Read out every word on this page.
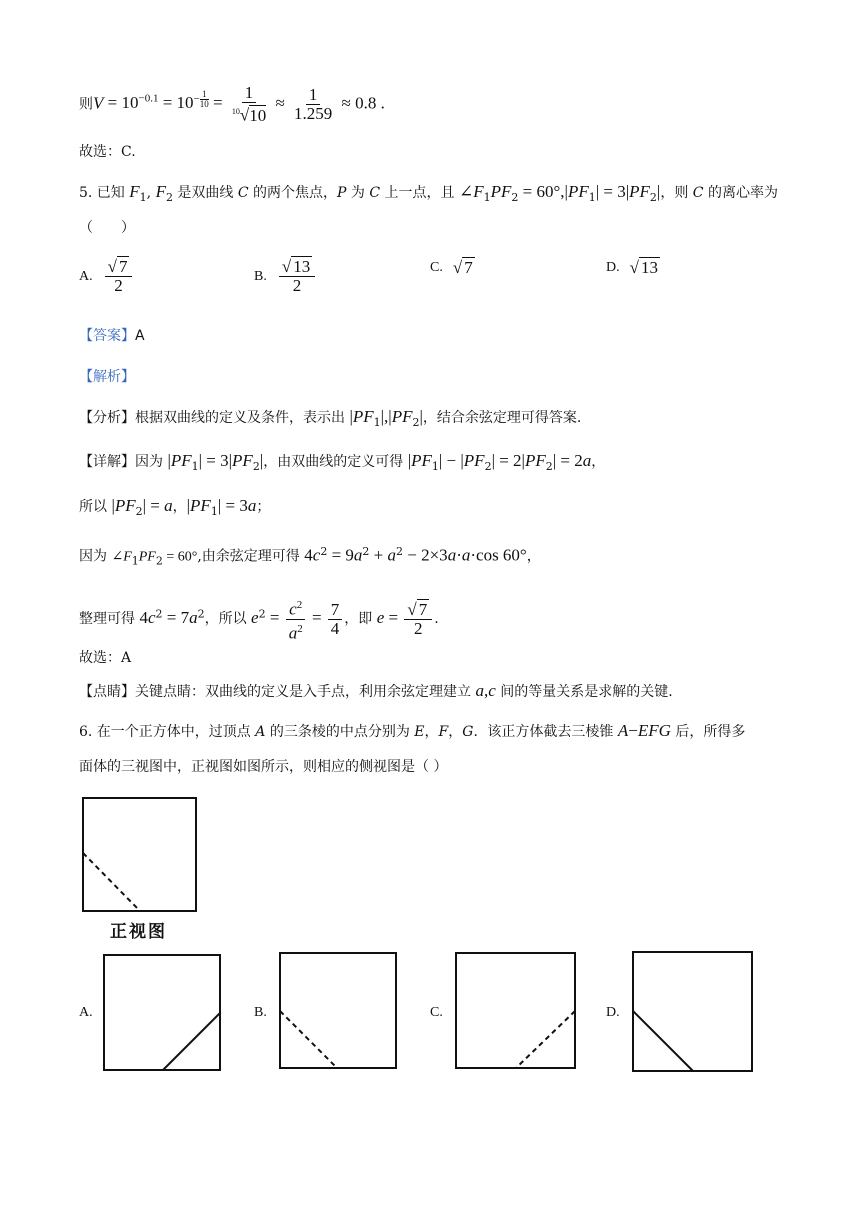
则$V = 10^{-0.1} = 10^{- \frac{1}{10}} = \frac{1}{^{10}√10} \approx \frac{1}{1.259} \approx 0.8$ .
故选：C.
5. 已知 $F_1$, $F_2$ 是双曲线 C 的两个焦点，P 为 C 上一点，且 $\angle F_1PF_2 = 60^\circ,|PF_1| = 3|PF_2|$，则 C 的离心率为
（　　）
A. $\frac{√ 7}{2}$	B. $\frac{√ 13}{2}$	C. √ 7	D. √ 13
【答案】A
【解析】
【分析】根据双曲线的定义及条件，表示出 $|PF_1|,|PF_2|$，结合余弦定理可得答案.
【详解】因为 $|PF_1| = 3|PF_2|$，由双曲线的定义可得 $|PF_1| - |PF_2| = 2|PF_2| = 2a$，
所以 $|PF_2| = a$，$|PF_1| = 3a$；
因为 $\angle F_1PF_2 = 60^\circ$,由余弦定理可得 $4c^2 = 9a^2 + a^2 - 2\times 3a\cdot a\cdot\cos$ 60°，
整理可得 $4c^2 = 7a^2$，所以 $e^2 = \frac{c^2}{a^2} = \frac{7}{4}$ ，即 $e = \frac{√ 7}{2}$ .
故选：A
【点睛】关键点睛：双曲线的定义是入手点，利用余弦定理建立 a,c 间的等量关系是求解的关键.
6. 在一个正方体中，过顶点 A 的三条棱的中点分别为 E，F，G．该正方体截去三棱锥 A−EFG 后，所得多
面体的三视图中，正视图如图所示，则相应的侧视图是（ ）
正视图
A.	B.	C.	D.
